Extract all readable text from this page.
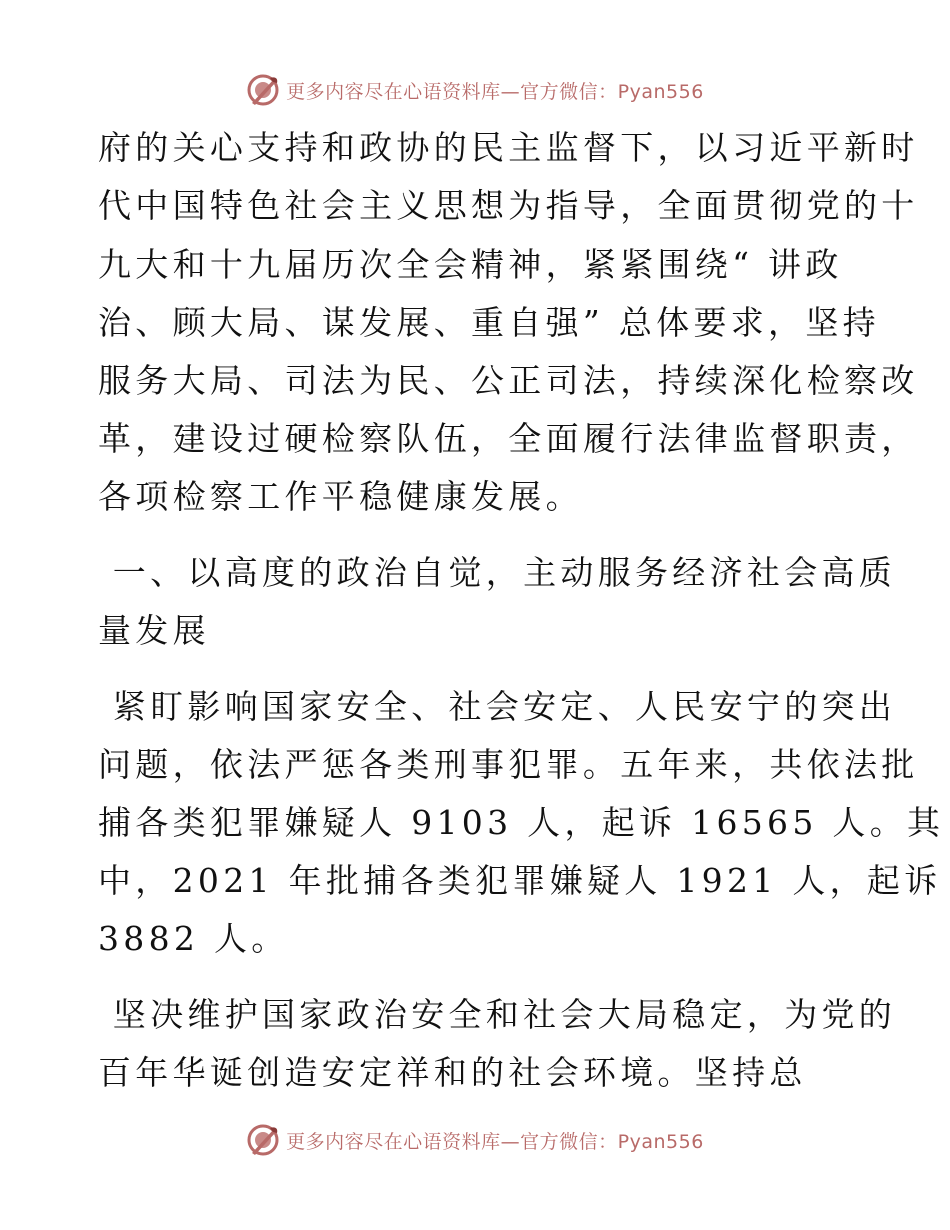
更多内容尽在心语资料库—官方微信：Pyan556
府的关心支持和政协的民主监督下，以习近平新时
代中国特色社会主义思想为指导，全面贯彻党的十
九大和十九届历次全会精神，紧紧围绕“ 讲政
治、顾大局、谋发展、重自强” 总体要求，坚持
服务大局、司法为民、公正司法，持续深化检察改
革，建设过硬检察队伍，全面履行法律监督职责，
各项检察工作平稳健康发展。
一、以高度的政治自觉，主动服务经济社会高质
量发展
紧盯影响国家安全、社会安定、人民安宁的突出
问题，依法严惩各类刑事犯罪。五年来，共依法批
捕各类犯罪嫌疑人 9103 人，起诉 16565 人。其
中，2021 年批捕各类犯罪嫌疑人 1921 人，起诉
3882 人。
坚决维护国家政治安全和社会大局稳定，为党的
百年华诞创造安定祥和的社会环境。坚持总
更多内容尽在心语资料库—官方微信：Pyan556
